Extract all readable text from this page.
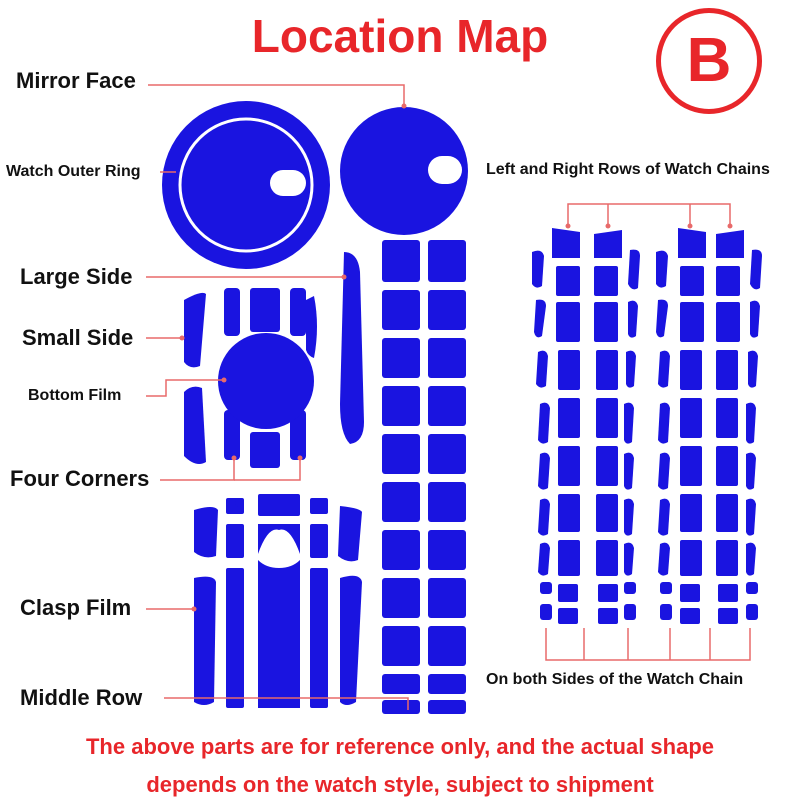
Location Map	B
Mirror Face
Watch Outer Ring
Large Side
Small Side
Bottom Film
Four Corners
Clasp Film
Middle Row
Left and Right Rows of Watch Chains
On both Sides of the Watch Chain
The above parts are for reference only, and the actual shape
depends on the watch style, subject to shipment
